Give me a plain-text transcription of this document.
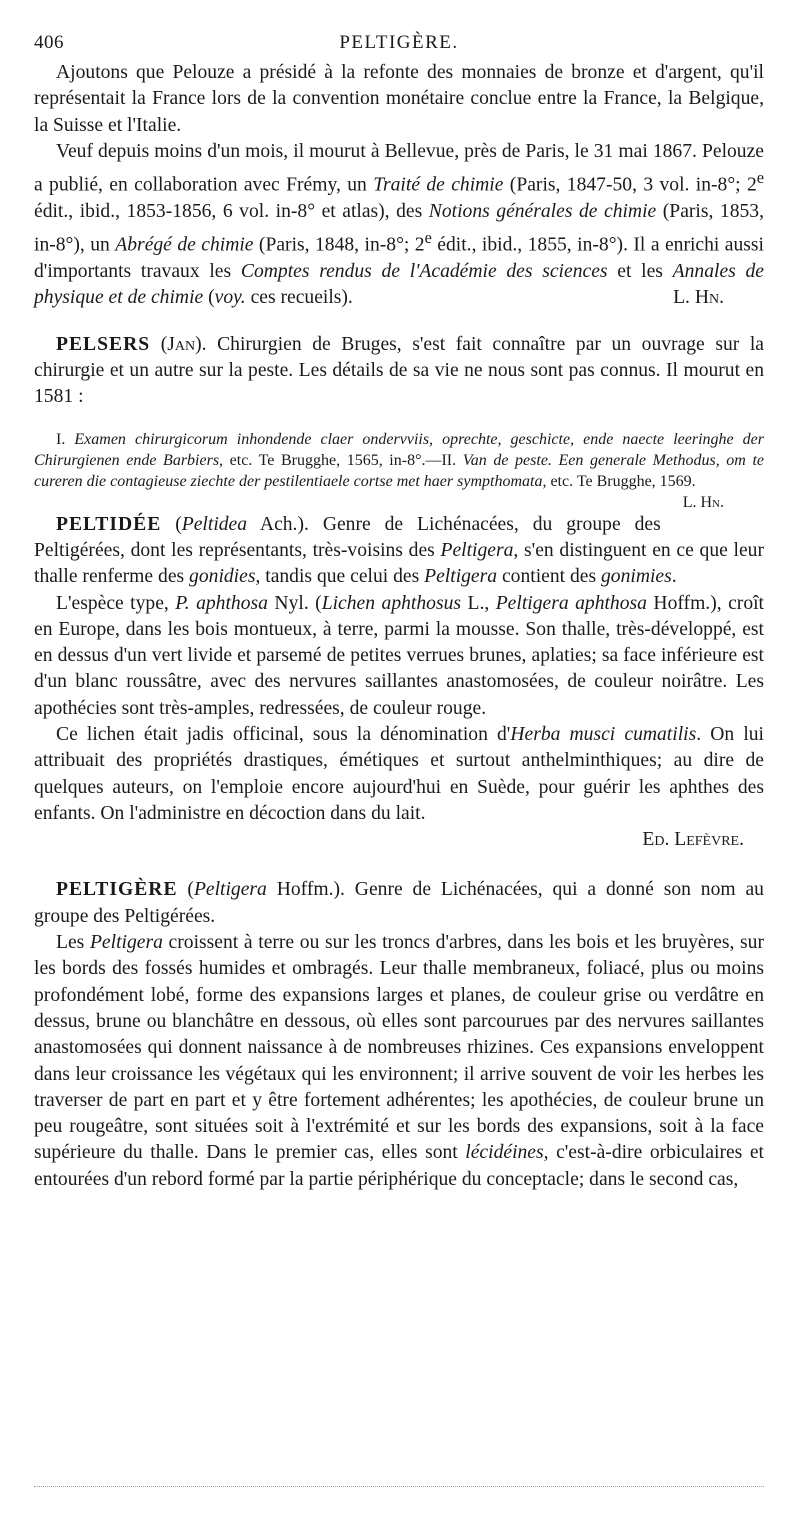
406	PELTIGÈRE.

Ajoutons que Pelouze a présidé à la refonte des monnaies de bronze et d'argent, qu'il représentait la France lors de la convention monétaire conclue entre la France, la Belgique, la Suisse et l'Italie.

Veuf depuis moins d'un mois, il mourut à Bellevue, près de Paris, le 31 mai 1867. Pelouze a publié, en collaboration avec Frémy, un Traité de chimie (Paris, 1847-50, 3 vol. in-8°; 2e édit., ibid., 1853-1856, 6 vol. in-8° et atlas), des Notions générales de chimie (Paris, 1853, in-8°), un Abrégé de chimie (Paris, 1848, in-8°; 2e édit., ibid., 1855, in-8°). Il a enrichi aussi d'importants travaux les Comptes rendus de l'Académie des sciences et les Annales de physique et de chimie (voy. ces recueils).	L. Hn.

PELSERS (Jan). Chirurgien de Bruges, s'est fait connaître par un ouvrage sur la chirurgie et un autre sur la peste. Les détails de sa vie ne nous sont pas connus. Il mourut en 1581 :

I. Examen chirurgicorum inhondende claer ondervviis, oprechte, geschicte, ende naecte leeringhe der Chirurgienen ende Barbiers, etc. Te Brugghe, 1565, in-8°.—II. Van de peste. Een generale Methodus, om te cureren die contagieuse ziechte der pestilentiaele cortse met haer sympthomata, etc. Te Brugghe, 1569.
L. Hn.

PELTIDÉE (Peltidea Ach.). Genre de Lichénacées, du groupe des Peltigérées, dont les représentants, très-voisins des Peltigera, s'en distinguent en ce que leur thalle renferme des gonidies, tandis que celui des Peltigera contient des gonimies.

L'espèce type, P. aphthosa Nyl. (Lichen aphthosus L., Peltigera aphthosa Hoffm.), croît en Europe, dans les bois montueux, à terre, parmi la mousse. Son thalle, très-développé, est en dessus d'un vert livide et parsemé de petites verrues brunes, aplaties; sa face inférieure est d'un blanc roussâtre, avec des nervures saillantes anastomosées, de couleur noirâtre. Les apothécies sont très-amples, redressées, de couleur rouge.

Ce lichen était jadis officinal, sous la dénomination d'Herba musci cumatilis. On lui attribuait des propriétés drastiques, émétiques et surtout anthelminthiques; au dire de quelques auteurs, on l'emploie encore aujourd'hui en Suède, pour guérir les aphthes des enfants. On l'administre en décoction dans du lait.

Ed. Lefèvre.

PELTIGÈRE (Peltigera Hoffm.). Genre de Lichénacées, qui a donné son nom au groupe des Peltigérées.

Les Peltigera croissent à terre ou sur les troncs d'arbres, dans les bois et les bruyères, sur les bords des fossés humides et ombragés. Leur thalle membraneux, foliacé, plus ou moins profondément lobé, forme des expansions larges et planes, de couleur grise ou verdâtre en dessus, brune ou blanchâtre en dessous, où elles sont parcourues par des nervures saillantes anastomosées qui donnent naissance à de nombreuses rhizines. Ces expansions enveloppent dans leur croissance les végétaux qui les environnent; il arrive souvent de voir les herbes les traverser de part en part et y être fortement adhérentes; les apothécies, de couleur brune un peu rougeâtre, sont situées soit à l'extrémité et sur les bords des expansions, soit à la face supérieure du thalle. Dans le premier cas, elles sont lécidéines, c'est-à-dire orbiculaires et entourées d'un rebord formé par la partie périphérique du conceptacle; dans le second cas,
